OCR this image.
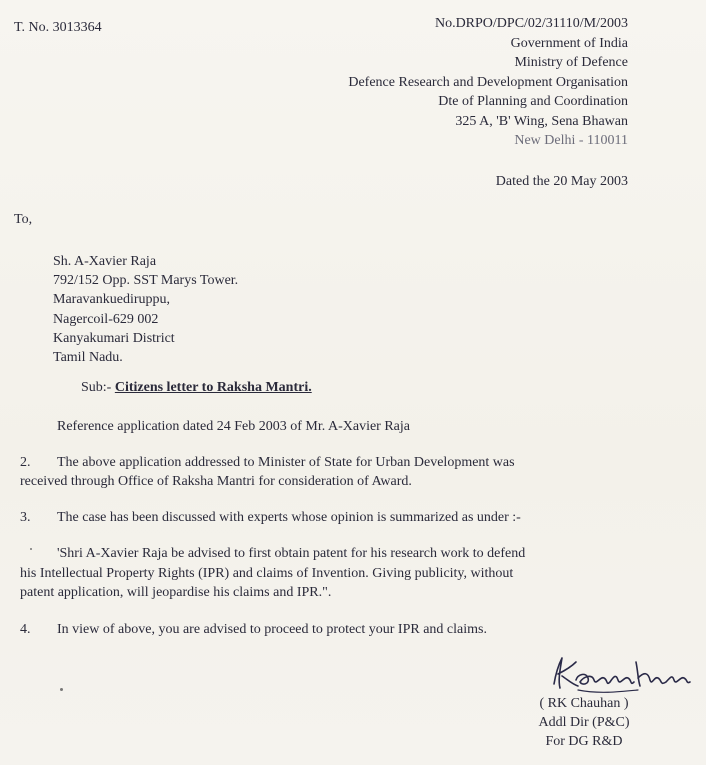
T. No. 3013364	No.DRPO/DPC/02/31110/M/2003
Government of India
Ministry of Defence
Defence Research and Development Organisation
Dte of Planning and Coordination
325 A, 'B' Wing, Sena Bhawan
New Delhi - 110011
Dated the 20 May 2003
To,
Sh. A-Xavier Raja
792/152 Opp. SST Marys Tower.
Maravankuediruppu,
Nagercoil-629 002
Kanyakumari District
Tamil Nadu.
Sub:- Citizens letter to Raksha Mantri.
Reference application dated 24 Feb 2003 of Mr. A-Xavier Raja
2. The above application addressed to Minister of State for Urban Development was
received through Office of Raksha Mantri for consideration of Award.
3. The case has been discussed with experts whose opinion is summarized as under :-
'Shri A-Xavier Raja be advised to first obtain patent for his research work to defend
his Intellectual Property Rights (IPR) and claims of Invention. Giving publicity, without
patent application, will jeopardise his claims and IPR.".
4. In view of above, you are advised to proceed to protect your IPR and claims.
( RK Chauhan )
Addl Dir (P&C)
For DG R&D
